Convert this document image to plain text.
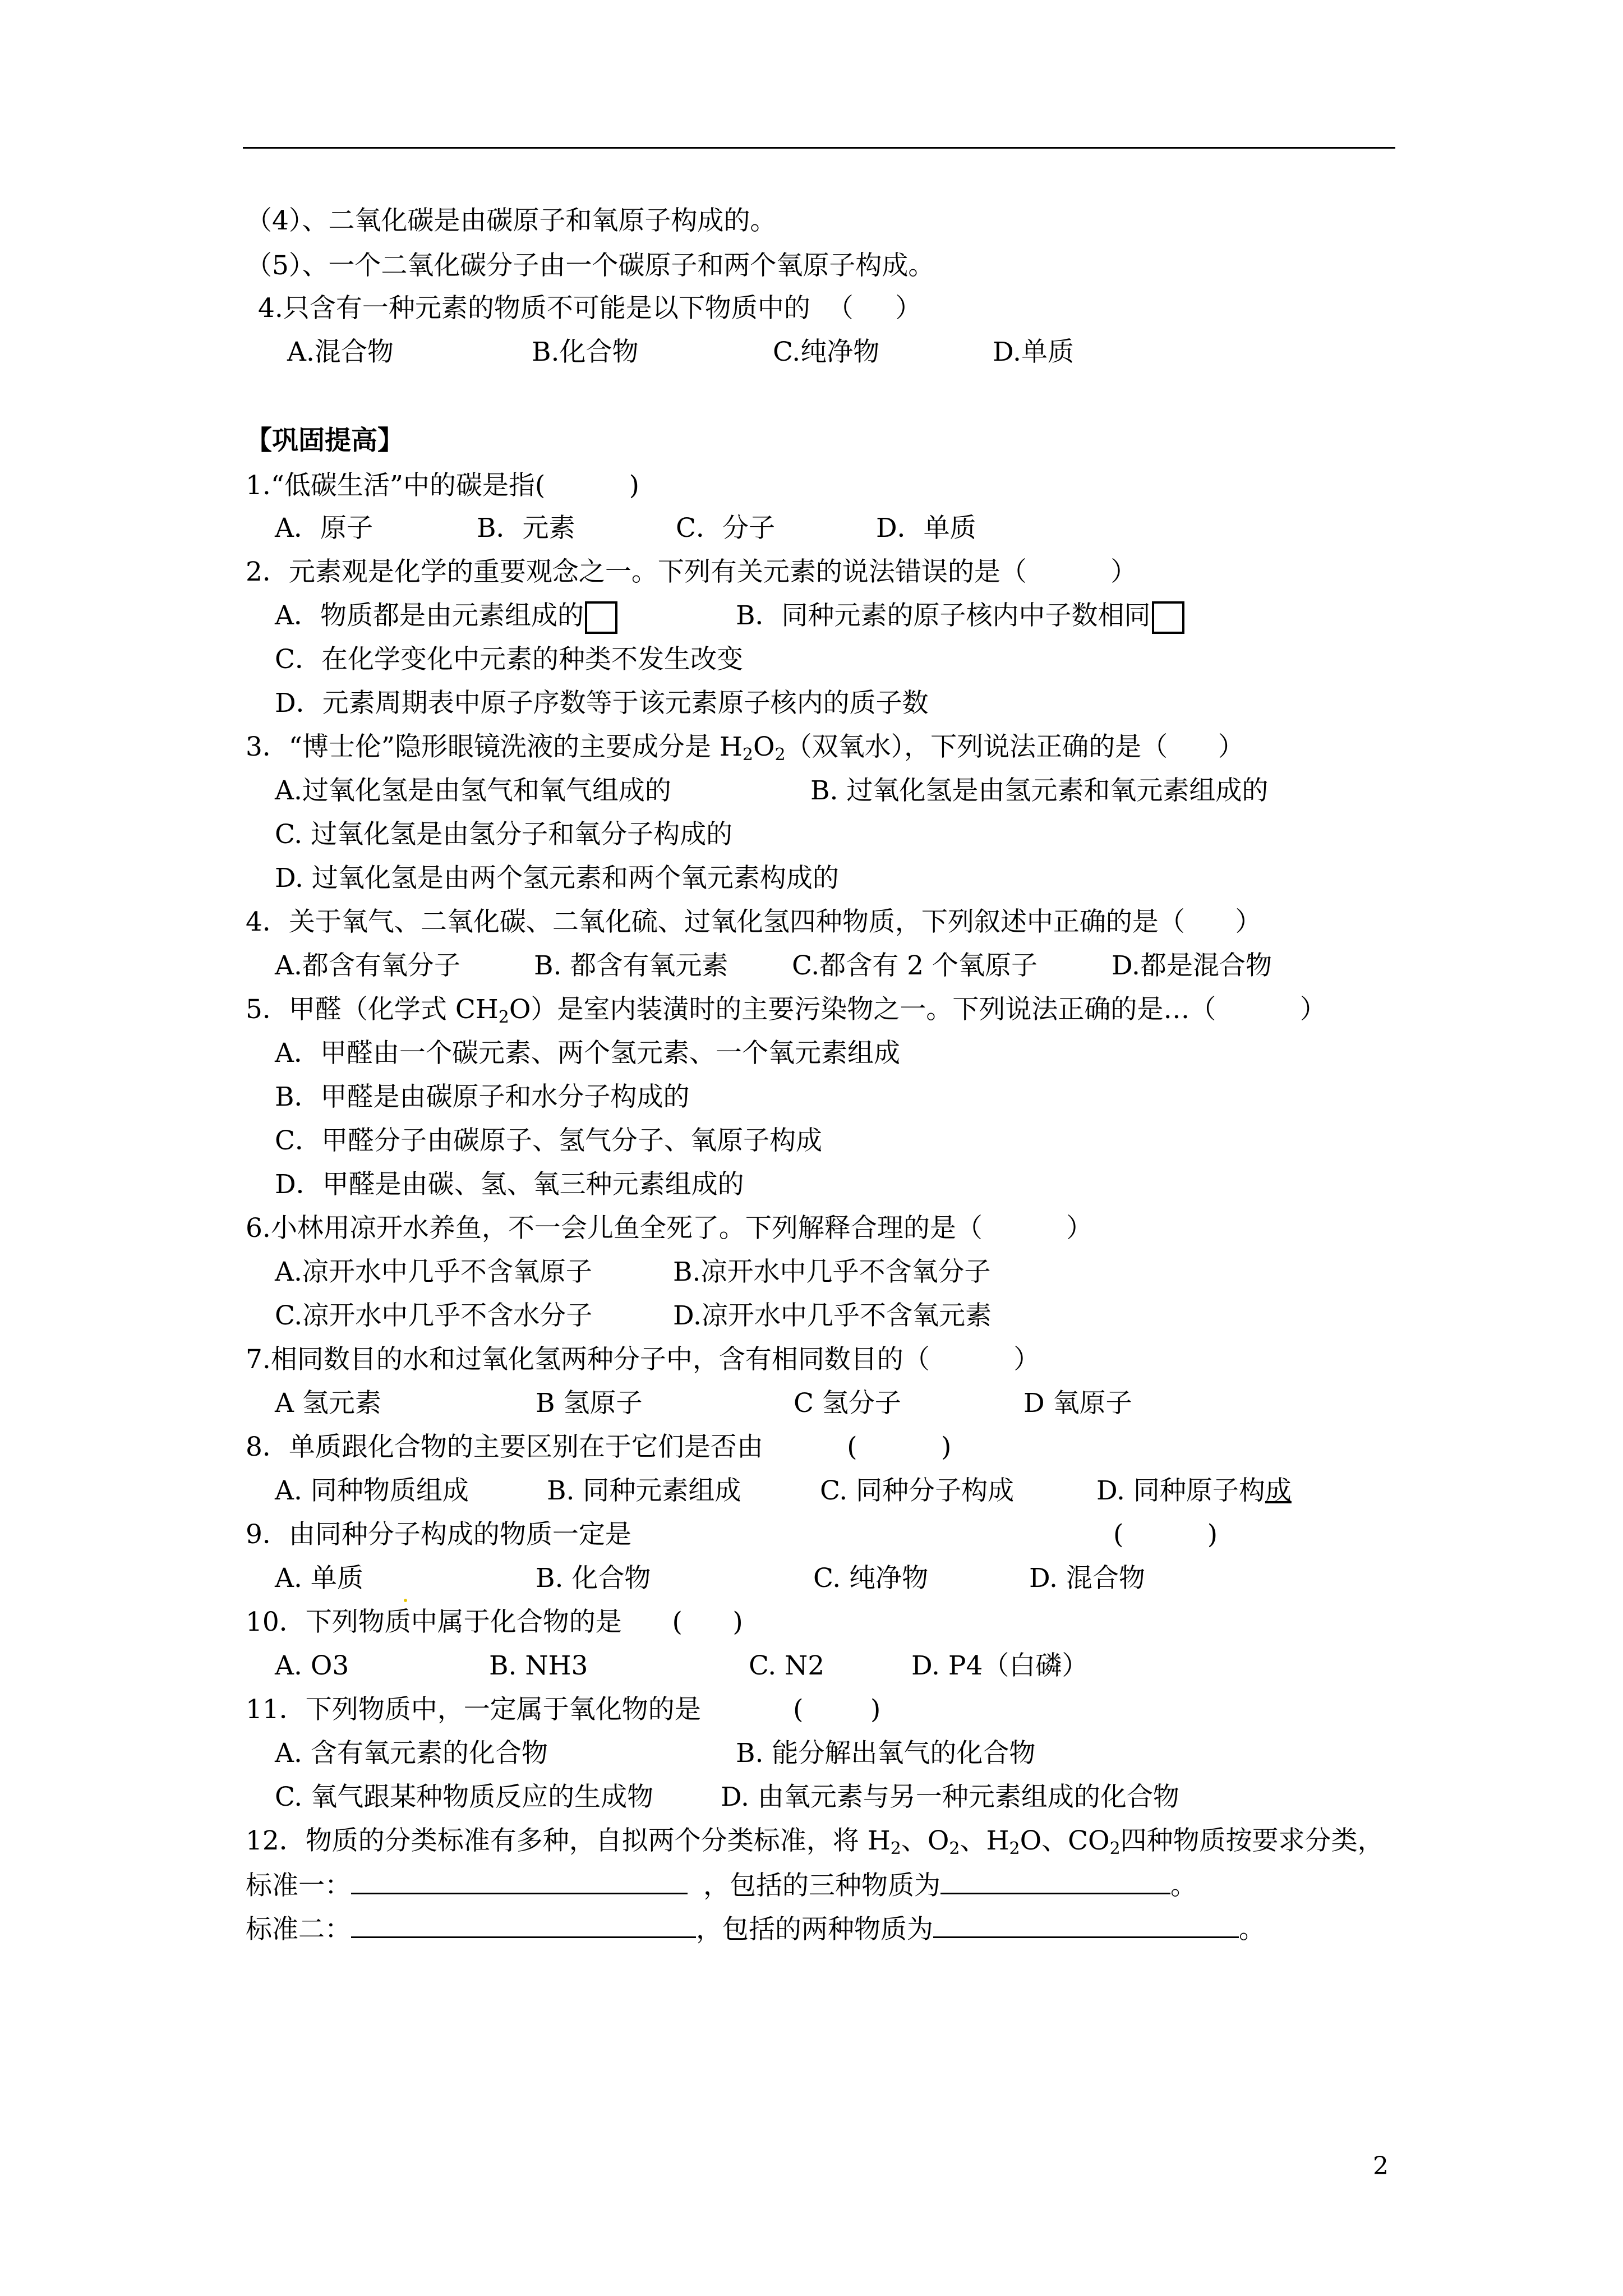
（4）、二氧化碳是由碳原子和氧原子构成的。
（5）、一个二氧化碳分子由一个碳原子和两个氧原子构成。
4.只含有一种元素的物质不可能是以下物质中的  （     ）
A.混合物	B.化合物	C.纯净物	D.单质
【巩固提高】
1.“低碳生活”中的碳是指(          )
A．原子	B．元素	C．分子	D．单质
2．元素观是化学的重要观念之一。下列有关元素的说法错误的是（          ）
A．物质都是由元素组成的	B．同种元素的原子核内中子数相同
C．在化学变化中元素的种类不发生改变
D．元素周期表中原子序数等于该元素原子核内的质子数
3．“博士伦”隐形眼镜洗液的主要成分是 $H_2O_2$（双氧水），下列说法正确的是（      ）
A.过氧化氢是由氢气和氧气组成的	B. 过氧化氢是由氢元素和氧元素组成的
C. 过氧化氢是由氢分子和氧分子构成的
D. 过氧化氢是由两个氢元素和两个氧元素构成的
4．关于氧气、二氧化碳、二氧化硫、过氧化氢四种物质，下列叙述中正确的是（      ）
A.都含有氧分子	B. 都含有氧元素 C.都含有 2 个氧原子	D.都是混合物
5．甲醛（化学式 $CH_2O$）是室内装潢时的主要污染物之一。下列说法正确的是…（          ）
A．甲醛由一个碳元素、两个氢元素、一个氧元素组成
B．甲醛是由碳原子和水分子构成的
C．甲醛分子由碳原子、氢气分子、氧原子构成
D．甲醛是由碳、氢、氧三种元素组成的
6.小林用凉开水养鱼，不一会儿鱼全死了。下列解释合理的是（          ）
A.凉开水中几乎不含氧原子	B.凉开水中几乎不含氧分子
C.凉开水中几乎不含水分子	D.凉开水中几乎不含氧元素
7.相同数目的水和过氧化氢两种分子中，含有相同数目的（          ）
A 氢元素	B 氢原子	C 氢分子	D 氧原子
8．单质跟化合物的主要区别在于它们是否由          (          )
A. 同种物质组成	B. 同种元素组成	C. 同种分子构成	D. 同种原子构成
9．由同种分子构成的物质一定是	(          )
A. 单质	B. 化合物	C. 纯净物	D. 混合物
10．下列物质中属于化合物的是      (      )
A. O3	B. NH3	C. N2	D. P4（白磷）
11．下列物质中，一定属于氧化物的是           (        )
A. 含有氧元素的化合物	B. 能分解出氧气的化合物
C. 氧气跟某种物质反应的生成物	D. 由氧元素与另一种元素组成的化合物
12．物质的分类标准有多种，自拟两个分类标准，将 $H_2$、$O_2$、$H_2O$、$CO_2$四种物质按要求分类，
标准一：	，包括的三种物质为	。
标准二：	，包括的两种物质为	。
2
